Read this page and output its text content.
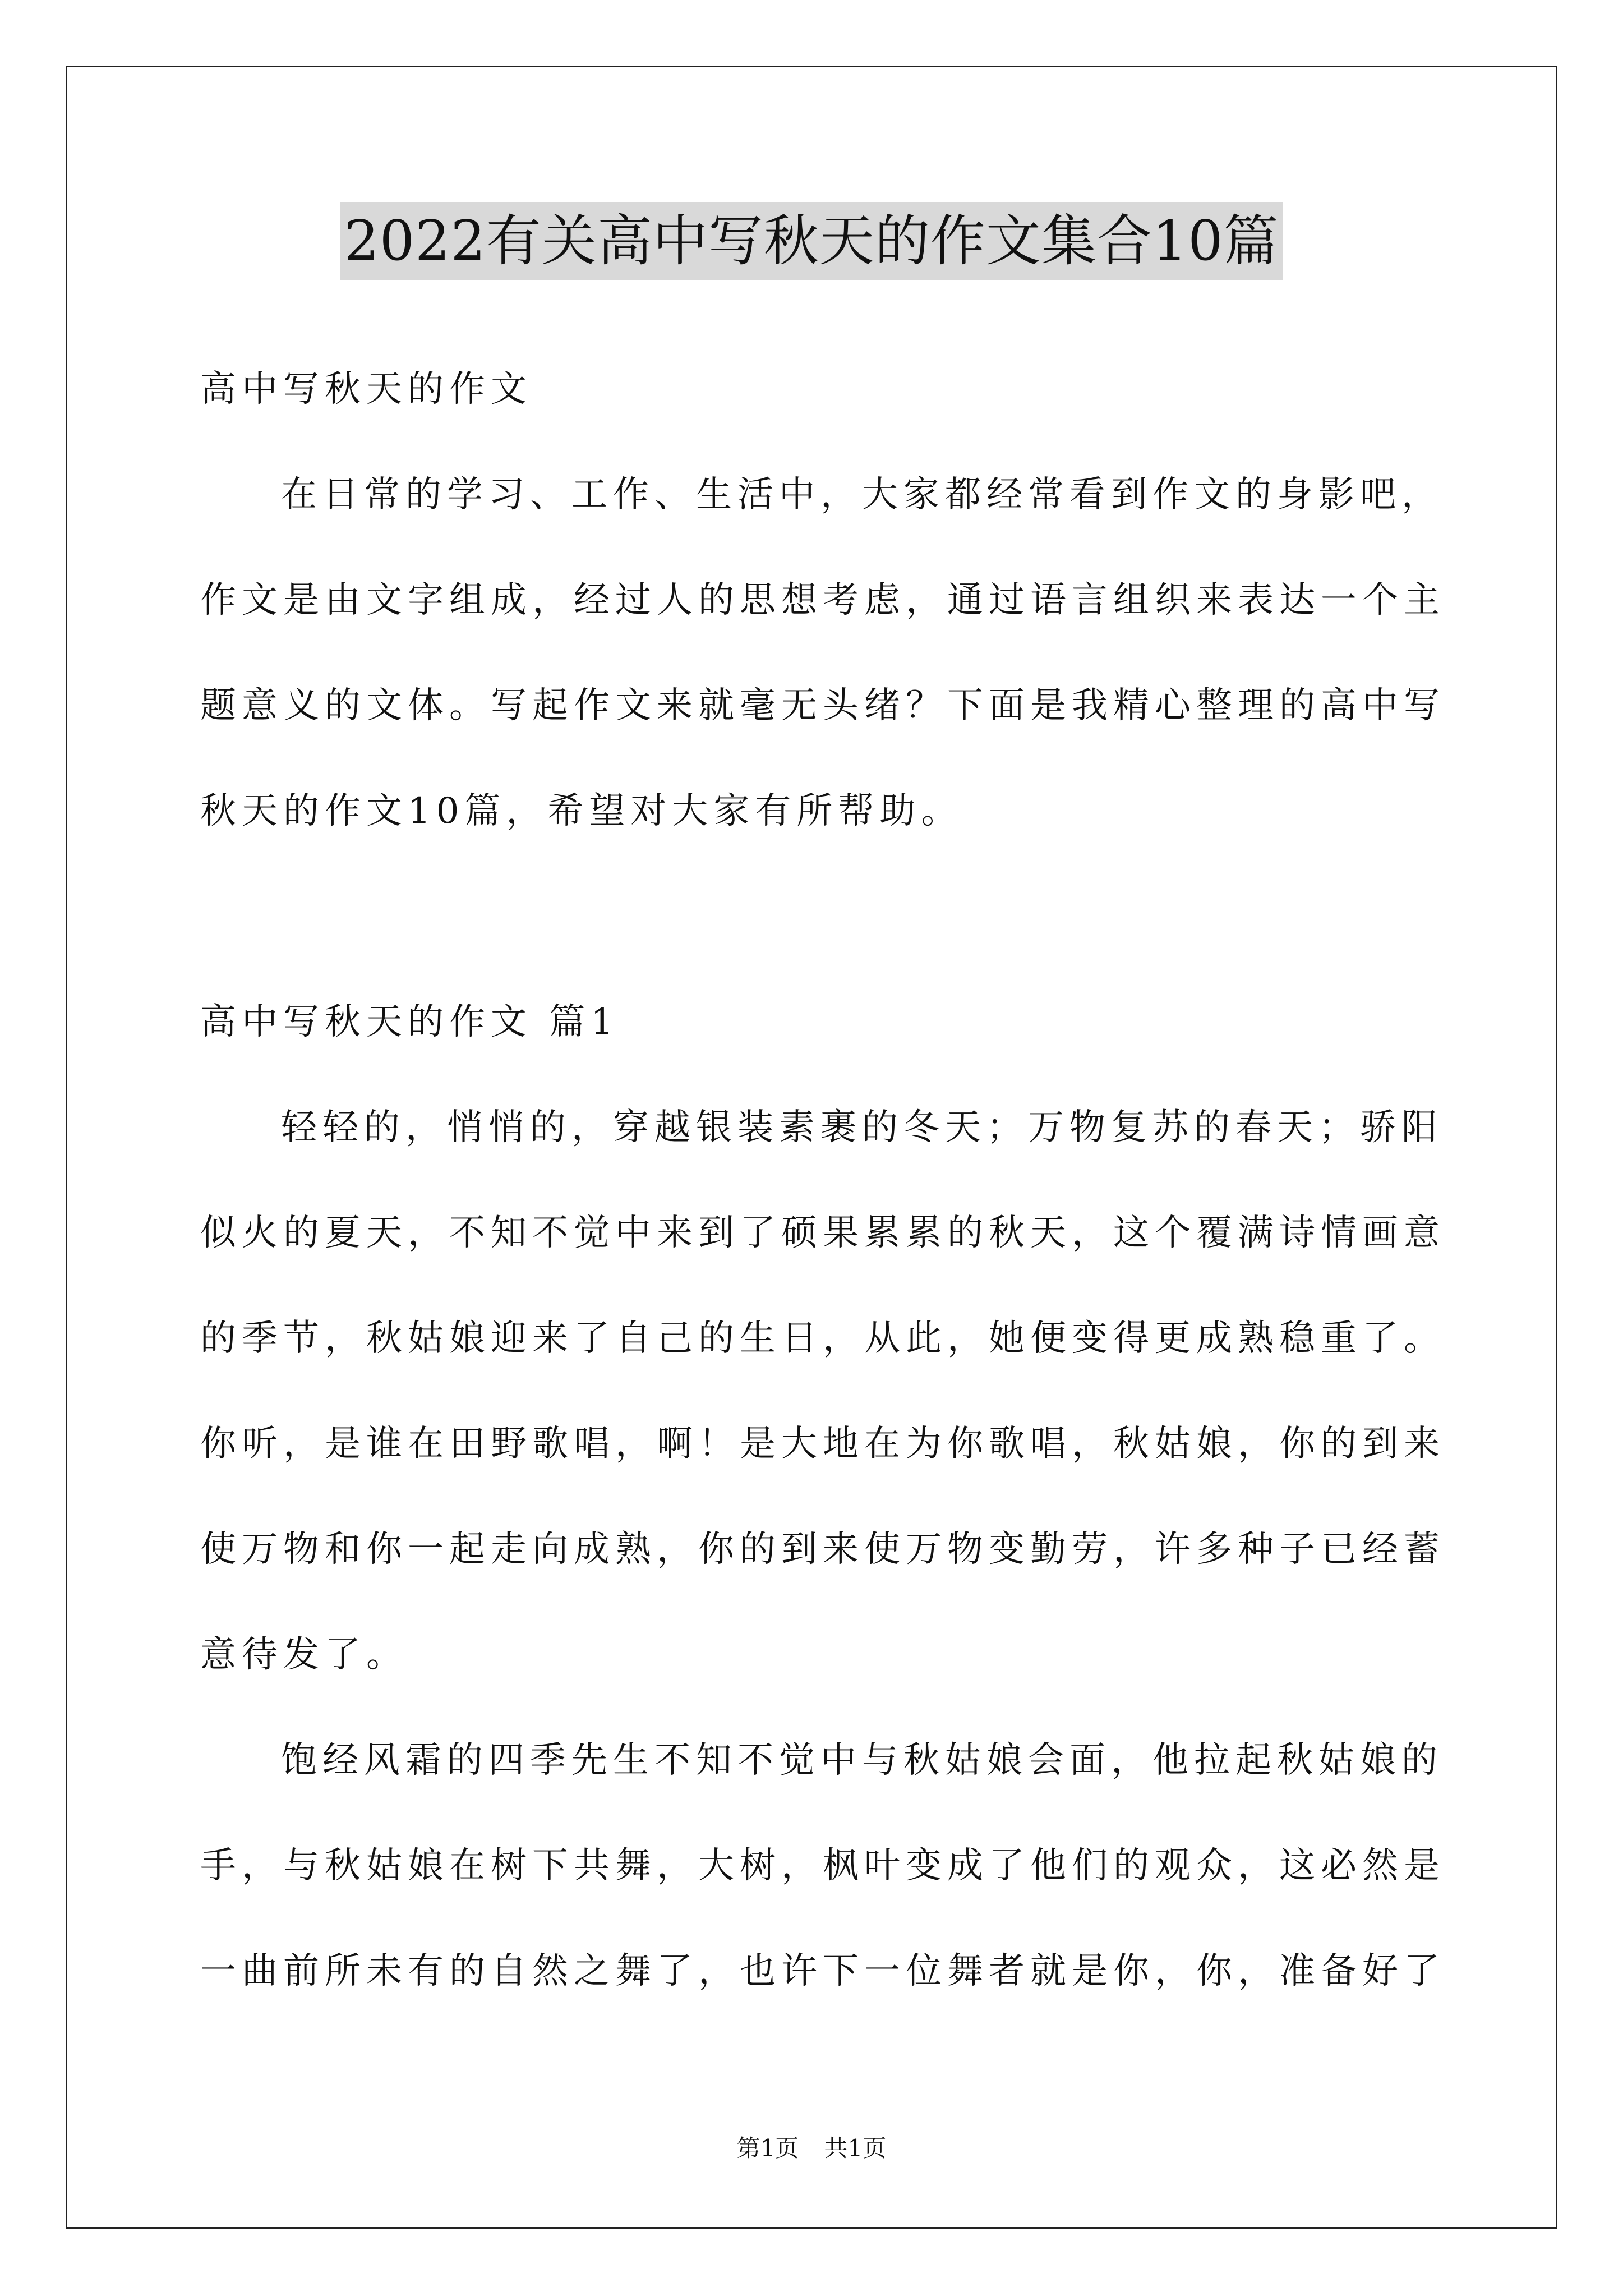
2022有关高中写秋天的作文集合10篇
高中写秋天的作文
在日常的学习、工作、生活中，大家都经常看到作文的身影吧，
作文是由文字组成，经过人的思想考虑，通过语言组织来表达一个主
题意义的文体。写起作文来就毫无头绪？下面是我精心整理的高中写
秋天的作文10篇，希望对大家有所帮助。
高中写秋天的作文 篇1
轻轻的，悄悄的，穿越银装素裹的冬天；万物复苏的春天；骄阳
似火的夏天，不知不觉中来到了硕果累累的秋天，这个覆满诗情画意
的季节，秋姑娘迎来了自己的生日，从此，她便变得更成熟稳重了。
你听，是谁在田野歌唱，啊！是大地在为你歌唱，秋姑娘，你的到来
使万物和你一起走向成熟，你的到来使万物变勤劳，许多种子已经蓄
意待发了。
饱经风霜的四季先生不知不觉中与秋姑娘会面，他拉起秋姑娘的
手，与秋姑娘在树下共舞，大树，枫叶变成了他们的观众，这必然是
一曲前所未有的自然之舞了，也许下一位舞者就是你，你，准备好了
第1页 共1页
